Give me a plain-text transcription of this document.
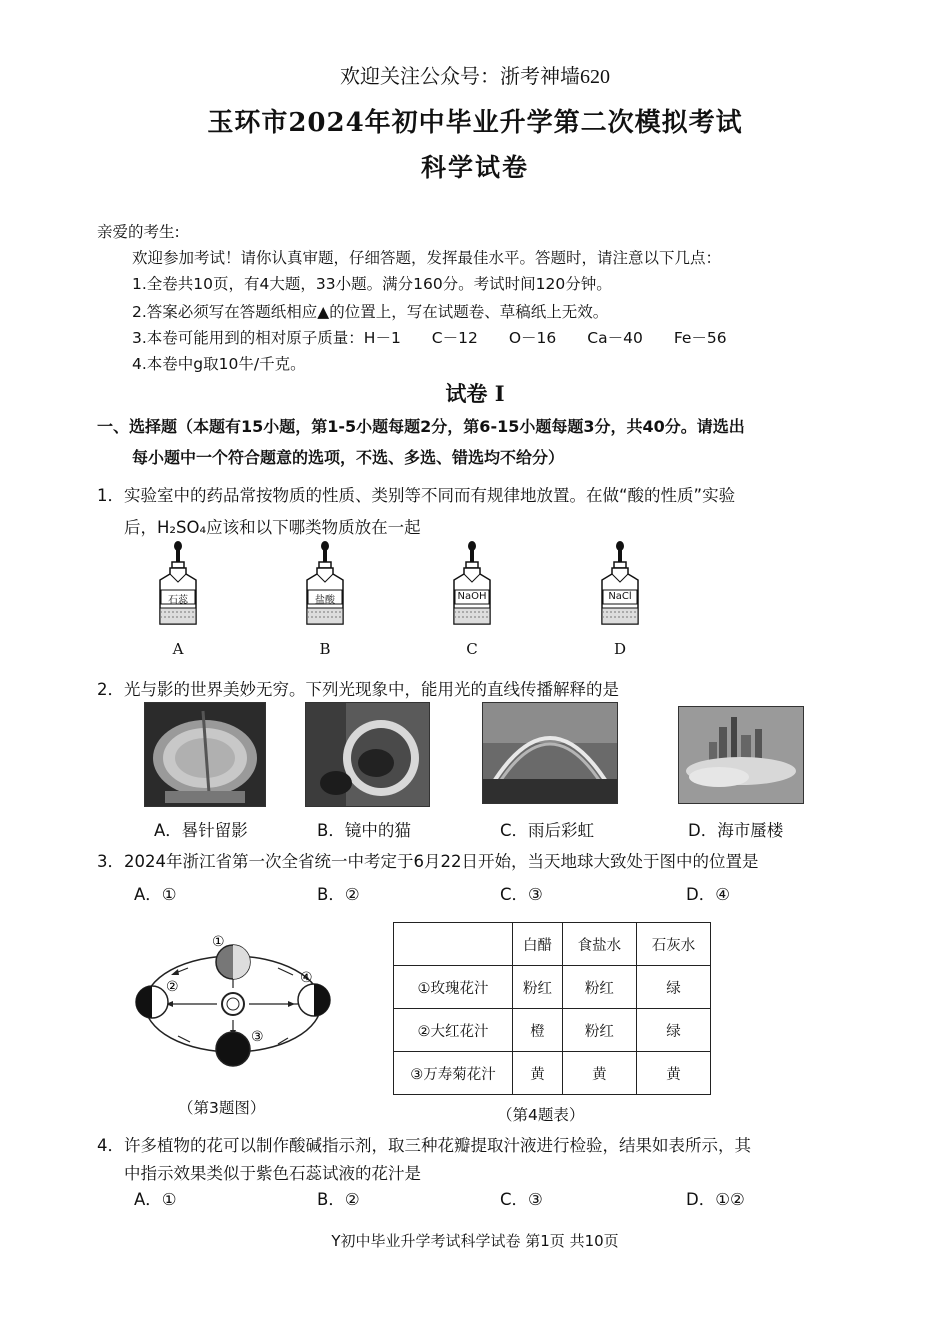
欢迎关注公众号：浙考神墙620
玉环市2024年初中毕业升学第二次模拟考试
科学试卷
亲爱的考生:
欢迎参加考试！请你认真审题，仔细答题，发挥最佳水平。答题时，请注意以下几点：
1.全卷共10页，有4大题，33小题。满分160分。考试时间120分钟。
2.答案必须写在答题纸相应▲的位置上，写在试题卷、草稿纸上无效。
3.本卷可能用到的相对原子质量：H－1　　C－12　　O－16　　Ca－40　　Fe－56
4.本卷中g取10牛/千克。
试卷 I
一、选择题（本题有15小题，第1-5小题每题2分，第6-15小题每题3分，共40分。请选出
每小题中一个符合题意的选项，不选、多选、错选均不给分）
1．实验室中的药品常按物质的性质、类别等不同而有规律地放置。在做“酸的性质”实验
后，H₂SO₄应该和以下哪类物质放在一起
石蕊
A
盐酸
B
NaOH
C
NaCl
D
2．光与影的世界美妙无穷。下列光现象中，能用光的直线传播解释的是
A．晷针留影	B．镜中的猫	C．雨后彩虹	D．海市蜃楼
3．2024年浙江省第一次全省统一中考定于6月22日开始，当天地球大致处于图中的位置是
A．①	B．②	C．③	D．④
①
②
③
④
（第3题图）
	白醋	食盐水	石灰水
①玫瑰花汁	粉红	粉红	绿
②大红花汁	橙	粉红	绿
③万寿菊花汁	黄	黄	黄
（第4题表）
4．许多植物的花可以制作酸碱指示剂，取三种花瓣提取汁液进行检验，结果如表所示，其
中指示效果类似于紫色石蕊试液的花汁是
A．①	B．②	C．③	D．①②
Y初中毕业升学考试科学试卷 第1页 共10页
